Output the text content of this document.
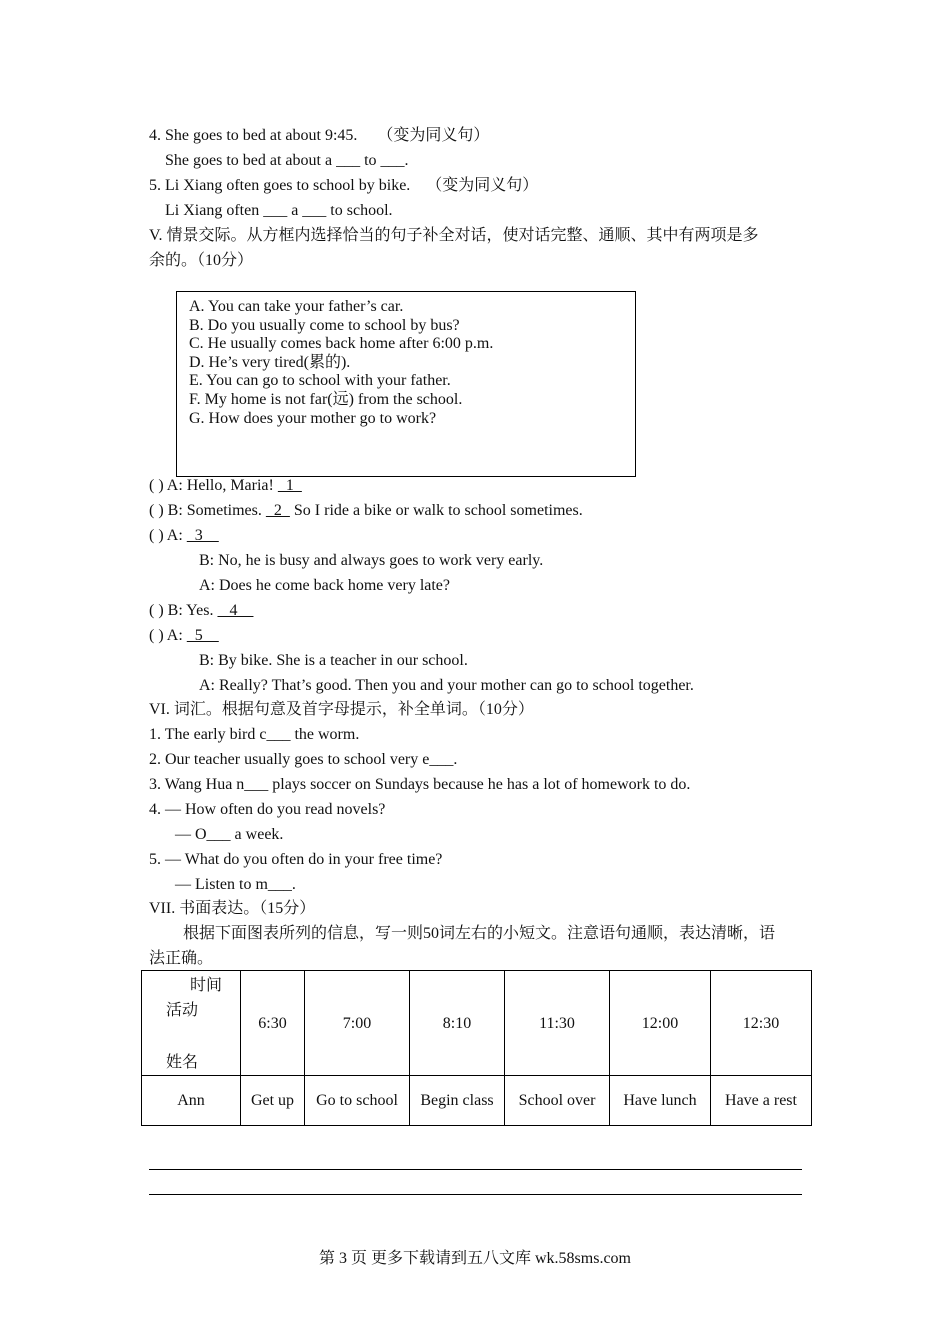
4. She goes to bed at about 9:45. （变为同义句）
She goes to bed at about a ___ to ___.
5. Li Xiang often goes to school by bike. （变为同义句）
Li Xiang often ___ a ___ to school.
V. 情景交际。从方框内选择恰当的句子补全对话，使对话完整、通顺、其中有两项是多
余的。（10分）
A. You can take your father’s car.
B. Do you usually come to school by bus?
C. He usually comes back home after 6:00 p.m.
D. He’s very tired(累的).
E. You can go to school with your father.
F. My home is not far(远) from the school.
G. How does your mother go to work?
( ) A: Hello, Maria!   1
( ) B: Sometimes.   2   So I ride a bike or walk to school sometimes.
( ) A:   3
B: No, he is busy and always goes to work very early.
A: Does he come back home very late?
( ) B: Yes.    4
( ) A:   5
B: By bike. She is a teacher in our school.
A: Really? That’s good. Then you and your mother can go to school together.
VI. 词汇。根据句意及首字母提示，补全单词。（10分）
1. The early bird c___ the worm.
2. Our teacher usually goes to school very e___.
3. Wang Hua n___ plays soccer on Sundays because he has a lot of homework to do.
4. — How often do you read novels?
— O___ a week.
5. — What do you often do in your free time?
— Listen to m___.
VII. 书面表达。（15分）
根据下面图表所列的信息，写一则50词左右的小短文。注意语句通顺，表达清晰，语
法正确。
时间
活动
姓名	6:30	7:00	8:10	11:30	12:00	12:30
Ann	Get up	Go to school	Begin class	School over	Have lunch	Have a rest
第 3 页 更多下载请到五八文库 wk.58sms.com
